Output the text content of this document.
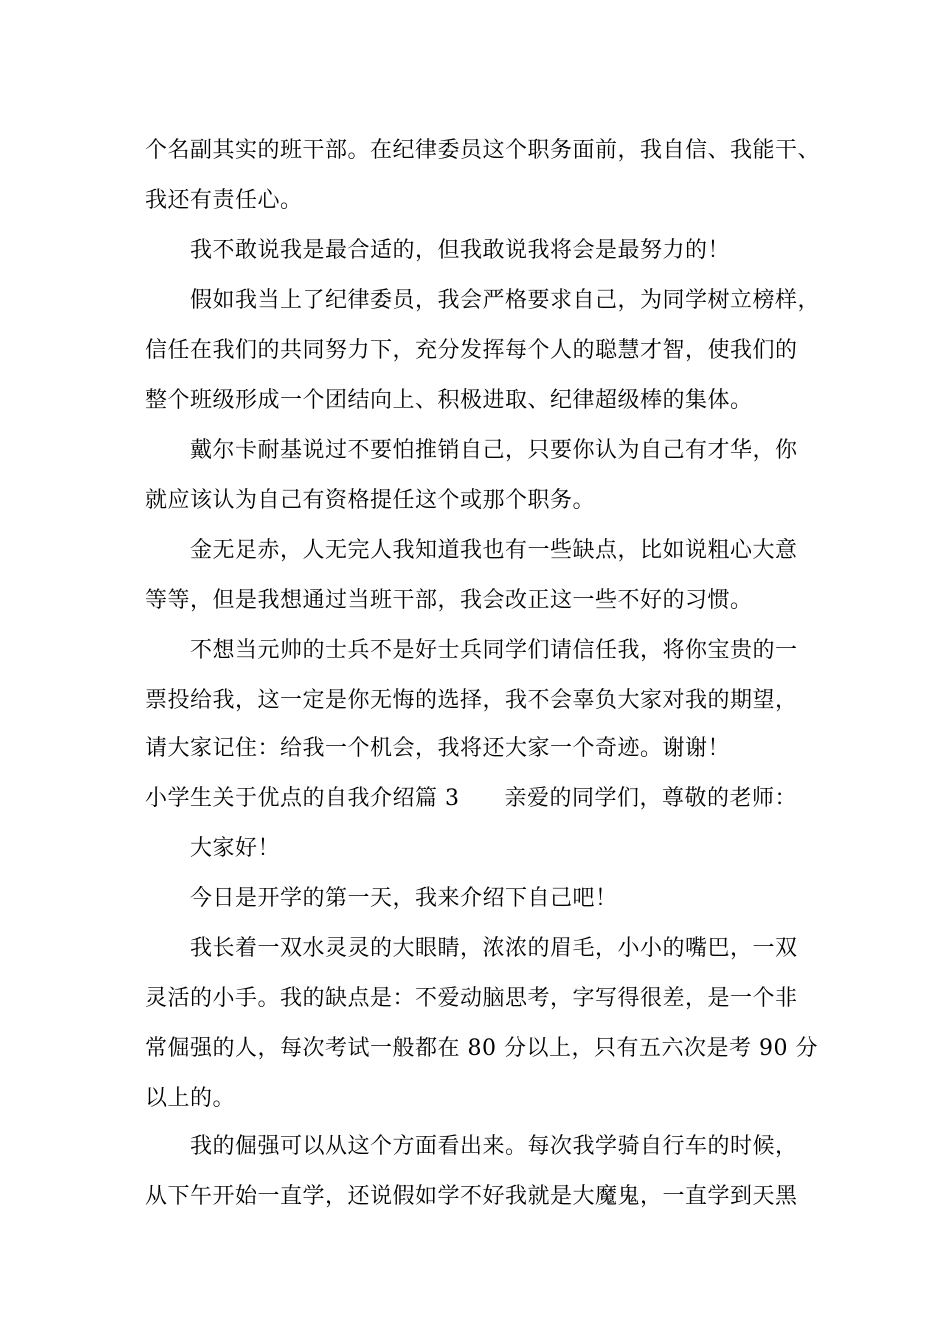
个名副其实的班干部。在纪律委员这个职务面前，我自信、我能干、
我还有责任心。
我不敢说我是最合适的，但我敢说我将会是最努力的！
假如我当上了纪律委员，我会严格要求自己，为同学树立榜样，
信任在我们的共同努力下，充分发挥每个人的聪慧才智，使我们的
整个班级形成一个团结向上、积极进取、纪律超级棒的集体。
戴尔卡耐基说过不要怕推销自己，只要你认为自己有才华，你
就应该认为自己有资格提任这个或那个职务。
金无足赤，人无完人我知道我也有一些缺点，比如说粗心大意
等等，但是我想通过当班干部，我会改正这一些不好的习惯。
不想当元帅的士兵不是好士兵同学们请信任我，将你宝贵的一
票投给我，这一定是你无悔的选择，我不会辜负大家对我的期望，
请大家记住：给我一个机会，我将还大家一个奇迹。谢谢！
小学生关于优点的自我介绍篇 3　　亲爱的同学们，尊敬的老师：
大家好！
今日是开学的第一天，我来介绍下自己吧！
我长着一双水灵灵的大眼睛，浓浓的眉毛，小小的嘴巴，一双
灵活的小手。我的缺点是：不爱动脑思考，字写得很差，是一个非
常倔强的人，每次考试一般都在 80 分以上，只有五六次是考 90 分
以上的。
我的倔强可以从这个方面看出来。每次我学骑自行车的时候，
从下午开始一直学，还说假如学不好我就是大魔鬼，一直学到天黑
